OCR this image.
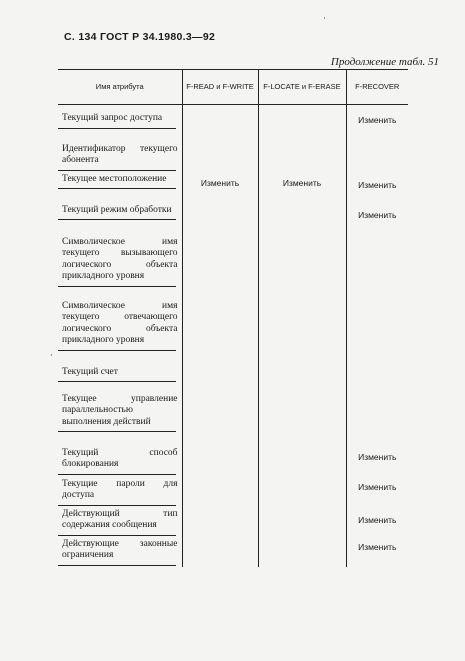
С. 134 ГОСТ Р 34.1980.3—92
Продолжение табл. 51
·
·
Имя атрибута	F-READ и F-WRITE	F-LOCATE и F-ERASE	F-RECOVER

Текущий запрос доступа			Изменить

Идентификатор текущего абонента			

Текущее местоположение	Изменить	Изменить	Изменить

Текущий режим обработки			Изменить

Символическое имя текущего вызывающего логического объекта прикладного уровня			

Символическое имя текущего отвечающего логического объекта прикладного уровня			

Текущий счет			

Текущее управление параллельностью выполнения действий			

Текущий способ блокирования			Изменить

Текущие пароли для доступа			Изменить

Действующий тип содержания сообщения			Изменить

Действующие законные ограничения			Изменить
